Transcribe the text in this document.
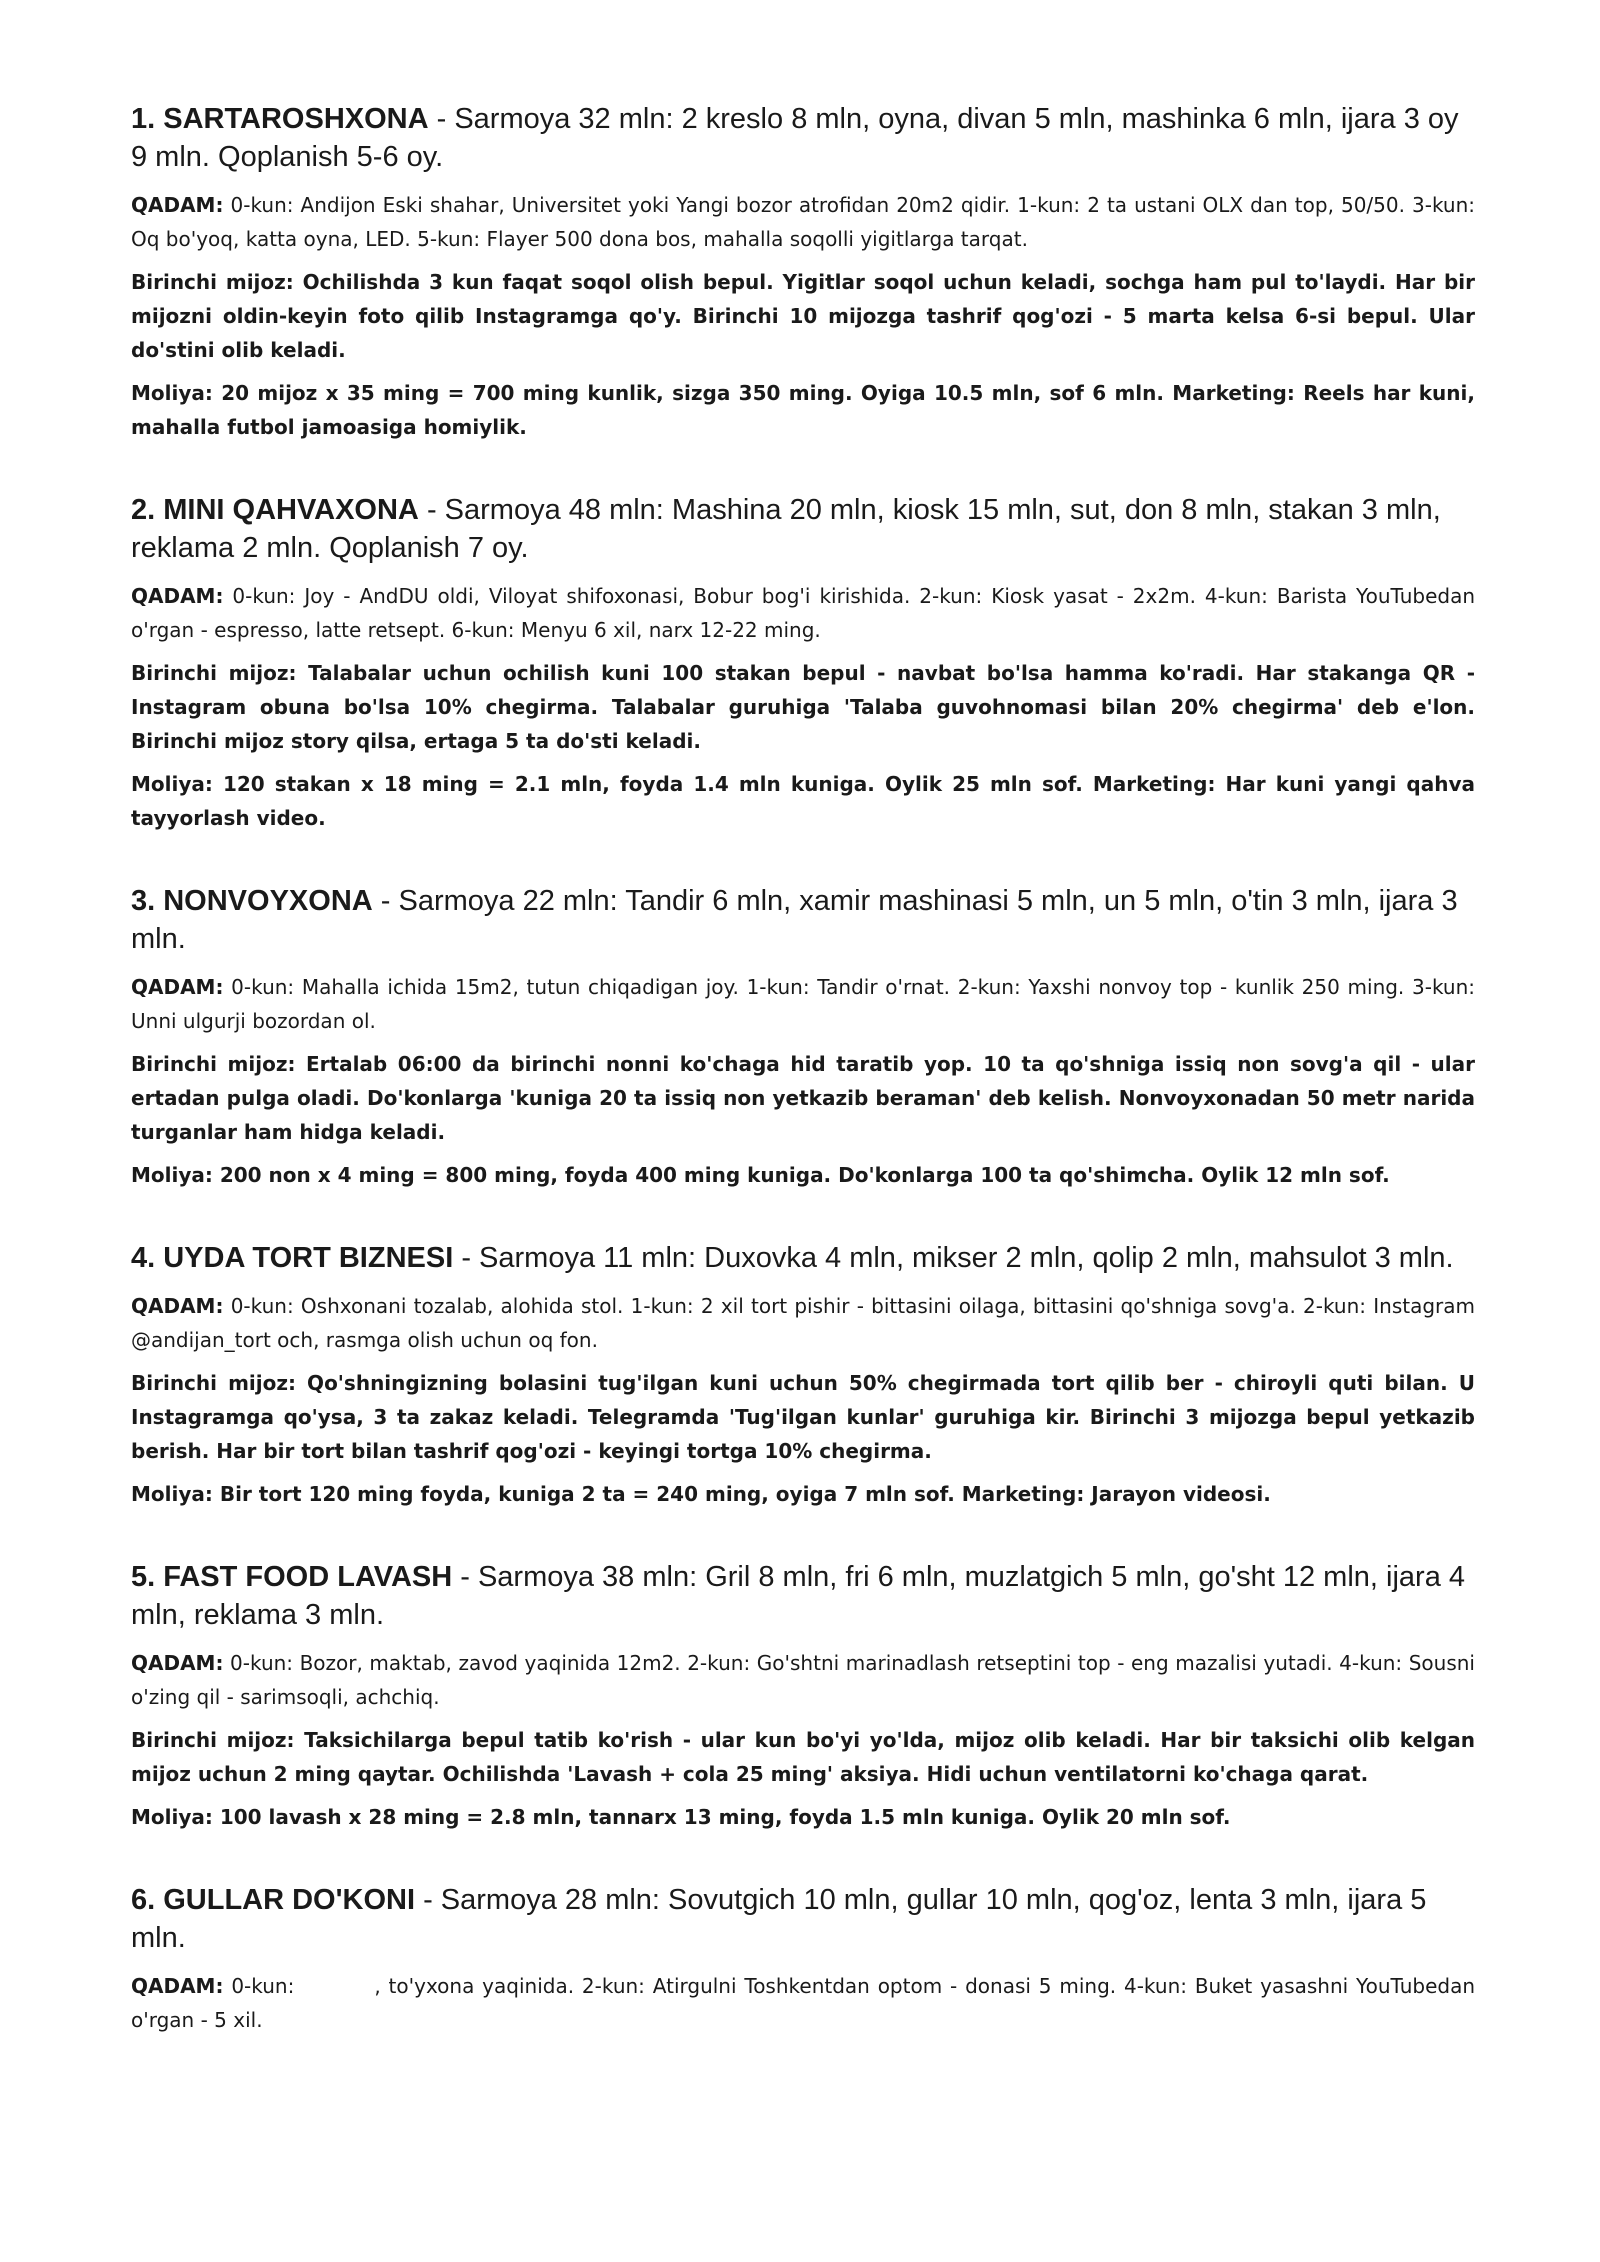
1. SARTAROSHXONA - Sarmoya 32 mln: 2 kreslo 8 mln, oyna, divan 5 mln, mashinka 6 mln, ijara 3 oy 9 mln. Qoplanish 5-6 oy.

QADAM: 0-kun: Andijon Eski shahar, Universitet yoki Yangi bozor atrofidan 20m2 qidir. 1-kun: 2 ta ustani OLX dan top, 50/50. 3-kun: Oq bo'yoq, katta oyna, LED. 5-kun: Flayer 500 dona bos, mahalla soqolli yigitlarga tarqat.

Birinchi mijoz: Ochilishda 3 kun faqat soqol olish bepul. Yigitlar soqol uchun keladi, sochga ham pul to'laydi. Har bir mijozni oldin-keyin foto qilib Instagramga qo'y. Birinchi 10 mijozga tashrif qog'ozi - 5 marta kelsa 6-si bepul. Ular do'stini olib keladi.

Moliya: 20 mijoz x 35 ming = 700 ming kunlik, sizga 350 ming. Oyiga 10.5 mln, sof 6 mln. Marketing: Reels har kuni, mahalla futbol jamoasiga homiylik.

2. MINI QAHVAXONA - Sarmoya 48 mln: Mashina 20 mln, kiosk 15 mln, sut, don 8 mln, stakan 3 mln, reklama 2 mln. Qoplanish 7 oy.

QADAM: 0-kun: Joy - AndDU oldi, Viloyat shifoxonasi, Bobur bog'i kirishida. 2-kun: Kiosk yasat - 2x2m. 4-kun: Barista YouTubedan o'rgan - espresso, latte retsept. 6-kun: Menyu 6 xil, narx 12-22 ming.

Birinchi mijoz: Talabalar uchun ochilish kuni 100 stakan bepul - navbat bo'lsa hamma ko'radi. Har stakanga QR - Instagram obuna bo'lsa 10% chegirma. Talabalar guruhiga 'Talaba guvohnomasi bilan 20% chegirma' deb e'lon. Birinchi mijoz story qilsa, ertaga 5 ta do'sti keladi.

Moliya: 120 stakan x 18 ming = 2.1 mln, foyda 1.4 mln kuniga. Oylik 25 mln sof. Marketing: Har kuni yangi qahva tayyorlash video.

3. NONVOYXONA - Sarmoya 22 mln: Tandir 6 mln, xamir mashinasi 5 mln, un 5 mln, o'tin 3 mln, ijara 3 mln.

QADAM: 0-kun: Mahalla ichida 15m2, tutun chiqadigan joy. 1-kun: Tandir o'rnat. 2-kun: Yaxshi nonvoy top - kunlik 250 ming. 3-kun: Unni ulgurji bozordan ol.

Birinchi mijoz: Ertalab 06:00 da birinchi nonni ko'chaga hid taratib yop. 10 ta qo'shniga issiq non sovg'a qil - ular ertadan pulga oladi. Do'konlarga 'kuniga 20 ta issiq non yetkazib beraman' deb kelish. Nonvoyxonadan 50 metr narida turganlar ham hidga keladi.

Moliya: 200 non x 4 ming = 800 ming, foyda 400 ming kuniga. Do'konlarga 100 ta qo'shimcha. Oylik 12 mln sof.

4. UYDA TORT BIZNESI - Sarmoya 11 mln: Duxovka 4 mln, mikser 2 mln, qolip 2 mln, mahsulot 3 mln.

QADAM: 0-kun: Oshxonani tozalab, alohida stol. 1-kun: 2 xil tort pishir - bittasini oilaga, bittasini qo'shniga sovg'a. 2-kun: Instagram @andijan_tort och, rasmga olish uchun oq fon.

Birinchi mijoz: Qo'shningizning bolasini tug'ilgan kuni uchun 50% chegirmada tort qilib ber - chiroyli quti bilan. U Instagramga qo'ysa, 3 ta zakaz keladi. Telegramda 'Tug'ilgan kunlar' guruhiga kir. Birinchi 3 mijozga bepul yetkazib berish. Har bir tort bilan tashrif qog'ozi - keyingi tortga 10% chegirma.

Moliya: Bir tort 120 ming foyda, kuniga 2 ta = 240 ming, oyiga 7 mln sof. Marketing: Jarayon videosi.

5. FAST FOOD LAVASH - Sarmoya 38 mln: Gril 8 mln, fri 6 mln, muzlatgich 5 mln, go'sht 12 mln, ijara 4 mln, reklama 3 mln.

QADAM: 0-kun: Bozor, maktab, zavod yaqinida 12m2. 2-kun: Go'shtni marinadlash retseptini top - eng mazalisi yutadi. 4-kun: Sousni o'zing qil - sarimsoqli, achchiq.

Birinchi mijoz: Taksichilarga bepul tatib ko'rish - ular kun bo'yi yo'lda, mijoz olib keladi. Har bir taksichi olib kelgan mijoz uchun 2 ming qaytar. Ochilishda 'Lavash + cola 25 ming' aksiya. Hidi uchun ventilatorni ko'chaga qarat.

Moliya: 100 lavash x 28 ming = 2.8 mln, tannarx 13 ming, foyda 1.5 mln kuniga. Oylik 20 mln sof.

6. GULLAR DO'KONI - Sarmoya 28 mln: Sovutgich 10 mln, gullar 10 mln, qog'oz, lenta 3 mln, ijara 5 mln.

QADAM: 0-kun:	, to'yxona yaqinida. 2-kun: Atirgulni Toshkentdan optom - donasi 5 ming. 4-kun: Buket yasashni YouTubedan o'rgan - 5 xil.
